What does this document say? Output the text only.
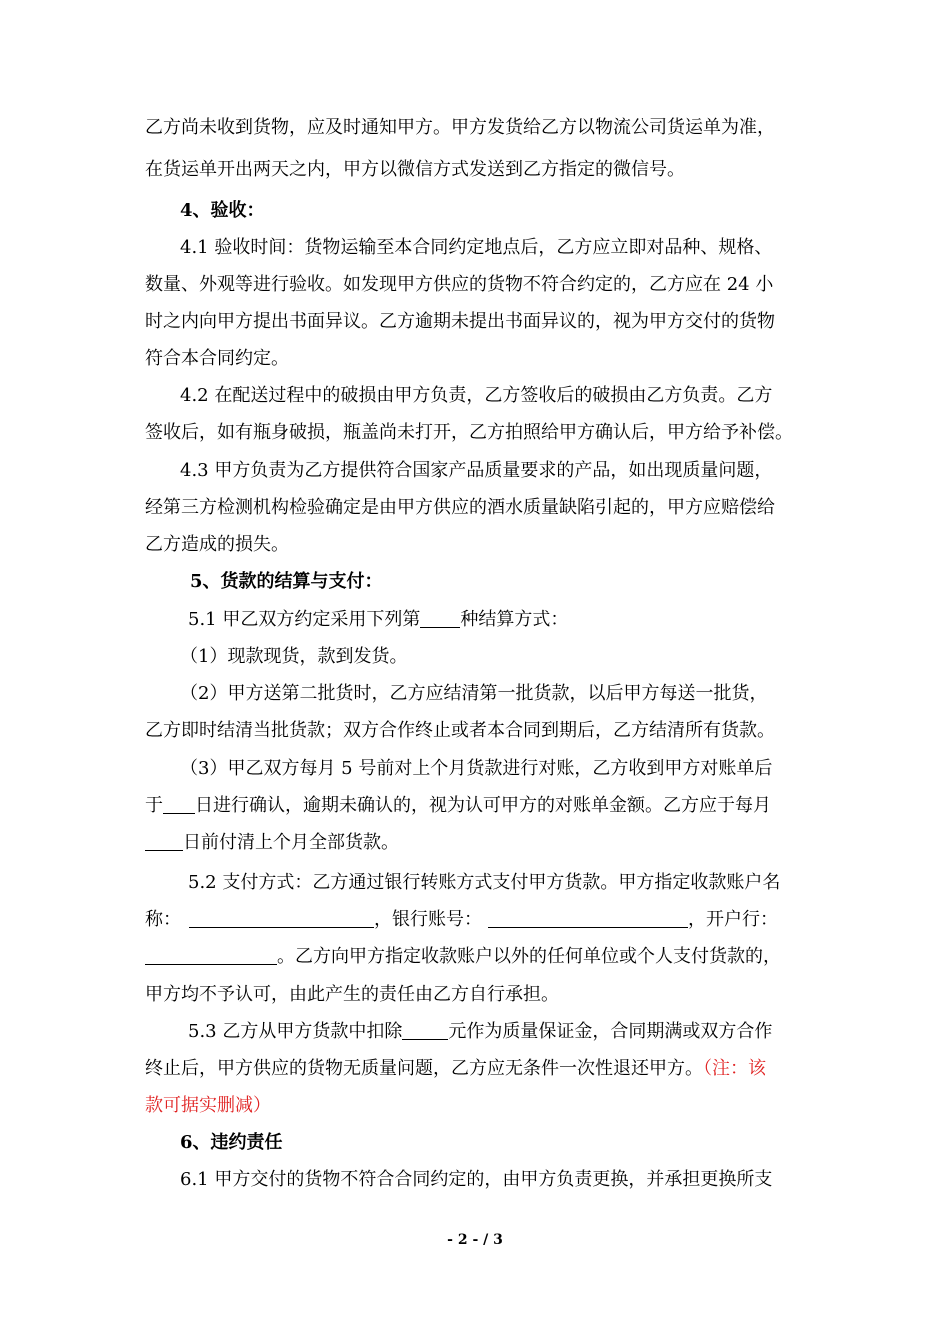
乙方尚未收到货物，应及时通知甲方。甲方发货给乙方以物流公司货运单为准，
在货运单开出两天之内，甲方以微信方式发送到乙方指定的微信号。
4、验收：
4.1 验收时间：货物运输至本合同约定地点后，乙方应立即对品种、规格、
数量、外观等进行验收。如发现甲方供应的货物不符合约定的，乙方应在 24 小
时之内向甲方提出书面异议。乙方逾期未提出书面异议的，视为甲方交付的货物
符合本合同约定。
4.2 在配送过程中的破损由甲方负责，乙方签收后的破损由乙方负责。乙方
签收后，如有瓶身破损，瓶盖尚未打开，乙方拍照给甲方确认后，甲方给予补偿。
4.3 甲方负责为乙方提供符合国家产品质量要求的产品，如出现质量问题，
经第三方检测机构检验确定是由甲方供应的酒水质量缺陷引起的，甲方应赔偿给
乙方造成的损失。
5、货款的结算与支付：
5.1 甲乙双方约定采用下列第 种结算方式：
（1）现款现货，款到发货。
（2）甲方送第二批货时，乙方应结清第一批货款，以后甲方每送一批货，
乙方即时结清当批货款；双方合作终止或者本合同到期后，乙方结清所有货款。
（3）甲乙双方每月 5 号前对上个月货款进行对账，乙方收到甲方对账单后
于 日进行确认，逾期未确认的，视为认可甲方的对账单金额。乙方应于每月
日前付清上个月全部货款。
5.2 支付方式：乙方通过银行转账方式支付甲方货款。甲方指定收款账户名
称：	，银行账号：	，开户行：
。乙方向甲方指定收款账户以外的任何单位或个人支付货款的，
甲方均不予认可，由此产生的责任由乙方自行承担。
5.3 乙方从甲方货款中扣除	元作为质量保证金，合同期满或双方合作
终止后，甲方供应的货物无质量问题，乙方应无条件一次性退还甲方。（注：该
款可据实删减）
6、违约责任
6.1 甲方交付的货物不符合合同约定的，由甲方负责更换，并承担更换所支
- 2 - / 3
